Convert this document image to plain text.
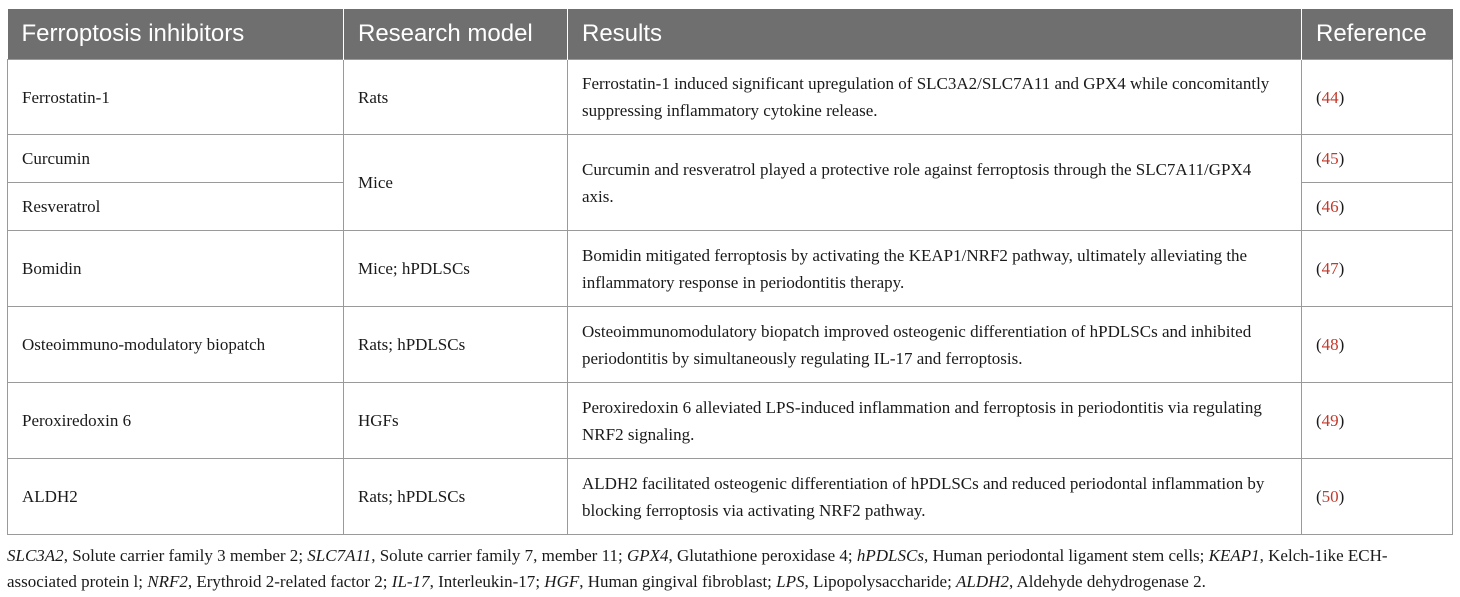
Ferroptosis inhibitors	Research model	Results	Reference
Ferrostatin-1	Rats	Ferrostatin-1 induced significant upregulation of SLC3A2/SLC7A11 and GPX4 while concomitantly suppressing inflammatory cytokine release.	(44)
Curcumin	Mice	Curcumin and resveratrol played a protective role against ferroptosis through the SLC7A11/GPX4 axis.	(45)
Resveratrol			(46)
Bomidin	Mice; hPDLSCs	Bomidin mitigated ferroptosis by activating the KEAP1/NRF2 pathway, ultimately alleviating the inflammatory response in periodontitis therapy.	(47)
Osteoimmuno-modulatory biopatch	Rats; hPDLSCs	Osteoimmunomodulatory biopatch improved osteogenic differentiation of hPDLSCs and inhibited periodontitis by simultaneously regulating IL-17 and ferroptosis.	(48)
Peroxiredoxin 6	HGFs	Peroxiredoxin 6 alleviated LPS-induced inflammation and ferroptosis in periodontitis via regulating NRF2 signaling.	(49)
ALDH2	Rats; hPDLSCs	ALDH2 facilitated osteogenic differentiation of hPDLSCs and reduced periodontal inflammation by blocking ferroptosis via activating NRF2 pathway.	(50)
SLC3A2, Solute carrier family 3 member 2; SLC7A11, Solute carrier family 7, member 11; GPX4, Glutathione peroxidase 4; hPDLSCs, Human periodontal ligament stem cells; KEAP1, Kelch-1ike ECH-associated protein l; NRF2, Erythroid 2-related factor 2; IL-17, Interleukin-17; HGF, Human gingival fibroblast; LPS, Lipopolysaccharide; ALDH2, Aldehyde dehydrogenase 2.
